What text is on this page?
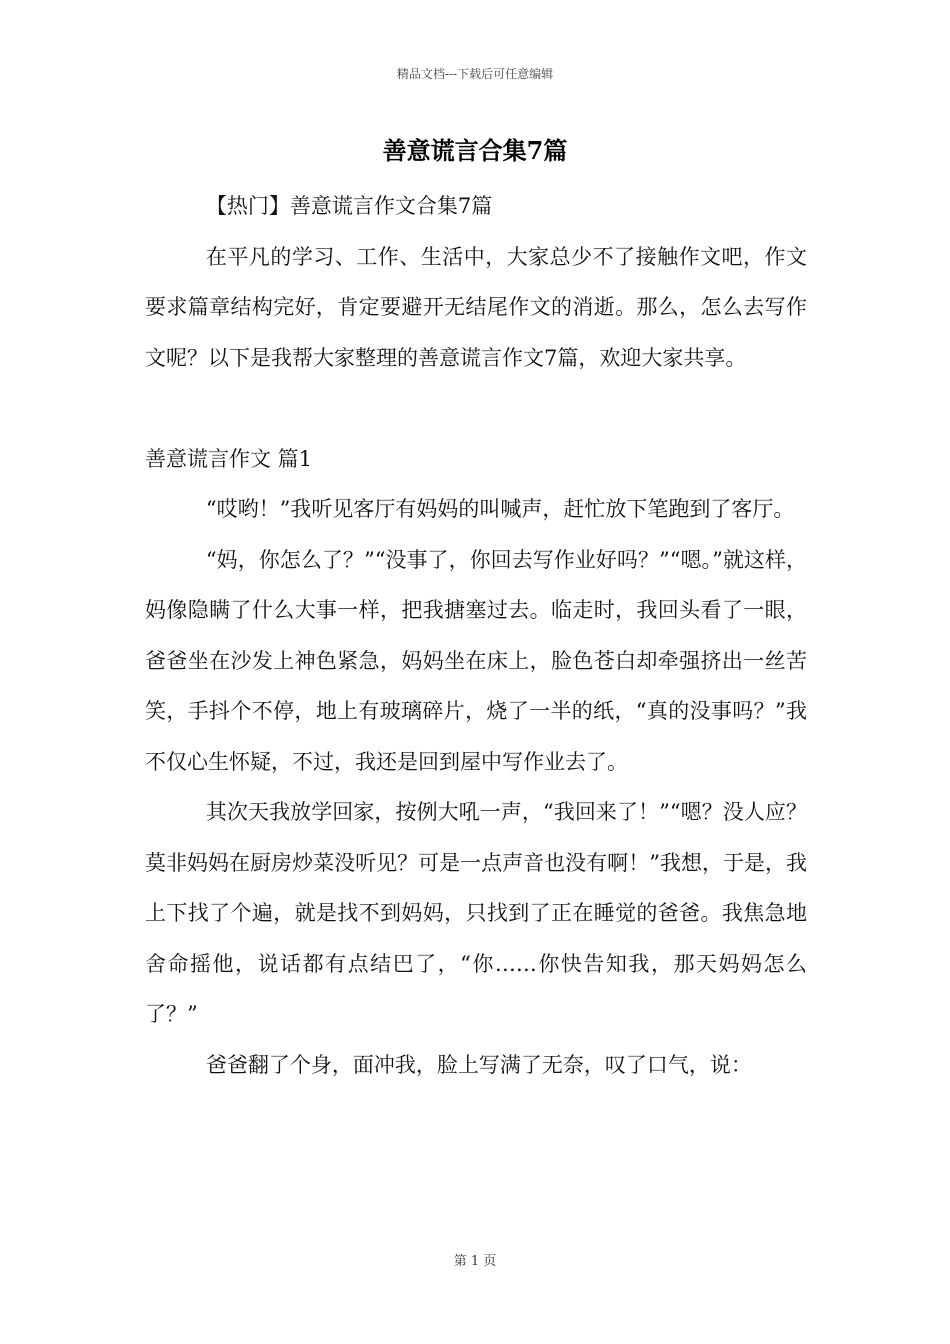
精品文档---下载后可任意编辑
善意谎言合集7篇

【热门】善意谎言作文合集7篇

在平凡的学习、工作、生活中，大家总少不了接触作文吧，作文要求篇章结构完好，肯定要避开无结尾作文的消逝。那么，怎么去写作文呢？以下是我帮大家整理的善意谎言作文7篇，欢迎大家共享。

善意谎言作文 篇1

“哎哟！”我听见客厅有妈妈的叫喊声，赶忙放下笔跑到了客厅。

“妈，你怎么了？”“没事了，你回去写作业好吗？”“嗯。”就这样，妈像隐瞒了什么大事一样，把我搪塞过去。临走时，我回头看了一眼，爸爸坐在沙发上神色紧急，妈妈坐在床上，脸色苍白却牵强挤出一丝苦笑，手抖个不停，地上有玻璃碎片，烧了一半的纸，“真的没事吗？”我不仅心生怀疑，不过，我还是回到屋中写作业去了。

其次天我放学回家，按例大吼一声，“我回来了！”“嗯？没人应？莫非妈妈在厨房炒菜没听见？可是一点声音也没有啊！”我想，于是，我上下找了个遍，就是找不到妈妈，只找到了正在睡觉的爸爸。我焦急地舍命摇他，说话都有点结巴了，“你……你快告知我，那天妈妈怎么了？”

爸爸翻了个身，面冲我，脸上写满了无奈，叹了口气，说：

第 1 页
